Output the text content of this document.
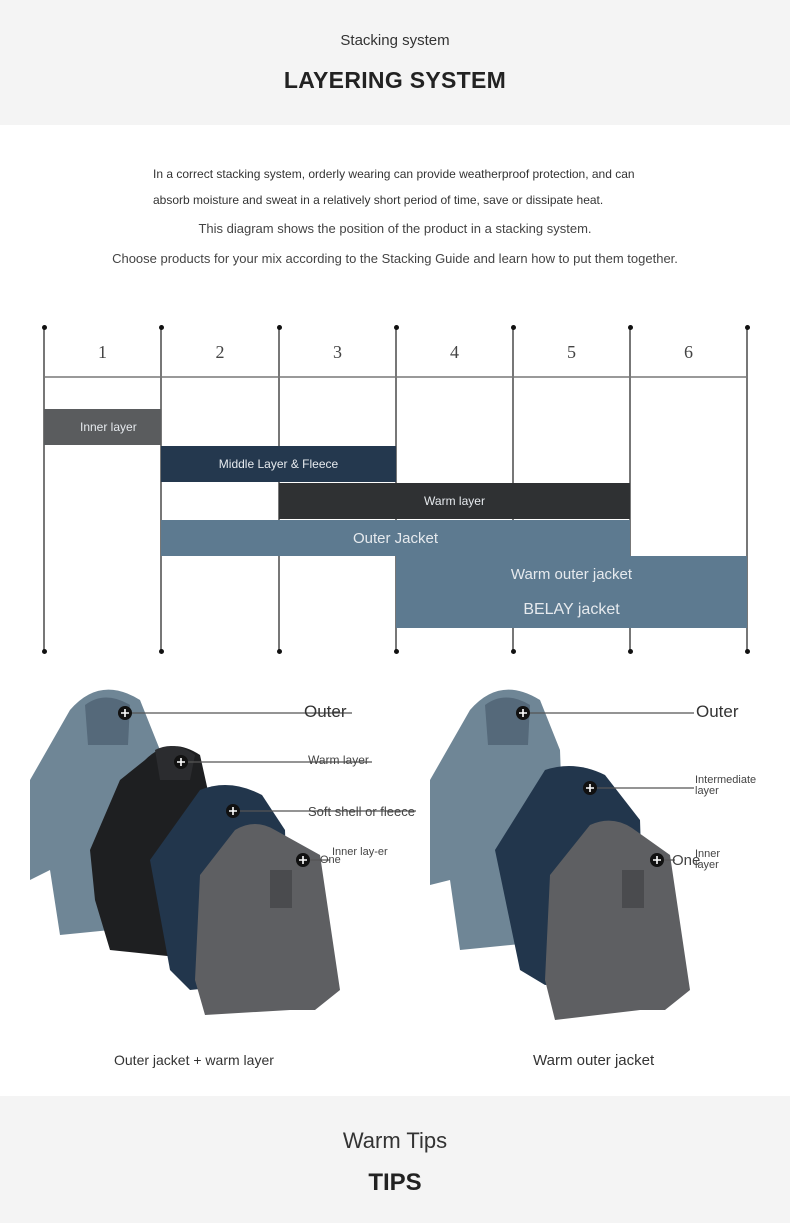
Stacking system
LAYERING SYSTEM

In a correct stacking system, orderly wearing can provide weatherproof protection, and can

absorb moisture and sweat in a relatively short period of time, save or dissipate heat.

This diagram shows the position of the product in a stacking system.

Choose products for your mix according to the Stacking Guide and learn how to put them together.

1	2	3	4	5	6
Inner layer
Middle Layer & Fleece
Warm layer
Outer Jacket
Warm outer jacket
BELAY jacket
Outer
Warm layer
Soft shell or fleece
Inner lay-er
One
Outer jacket + warm layer
Outer
Intermediate layer
Inner layer
One
Warm outer jacket
Warm Tips
TIPS
